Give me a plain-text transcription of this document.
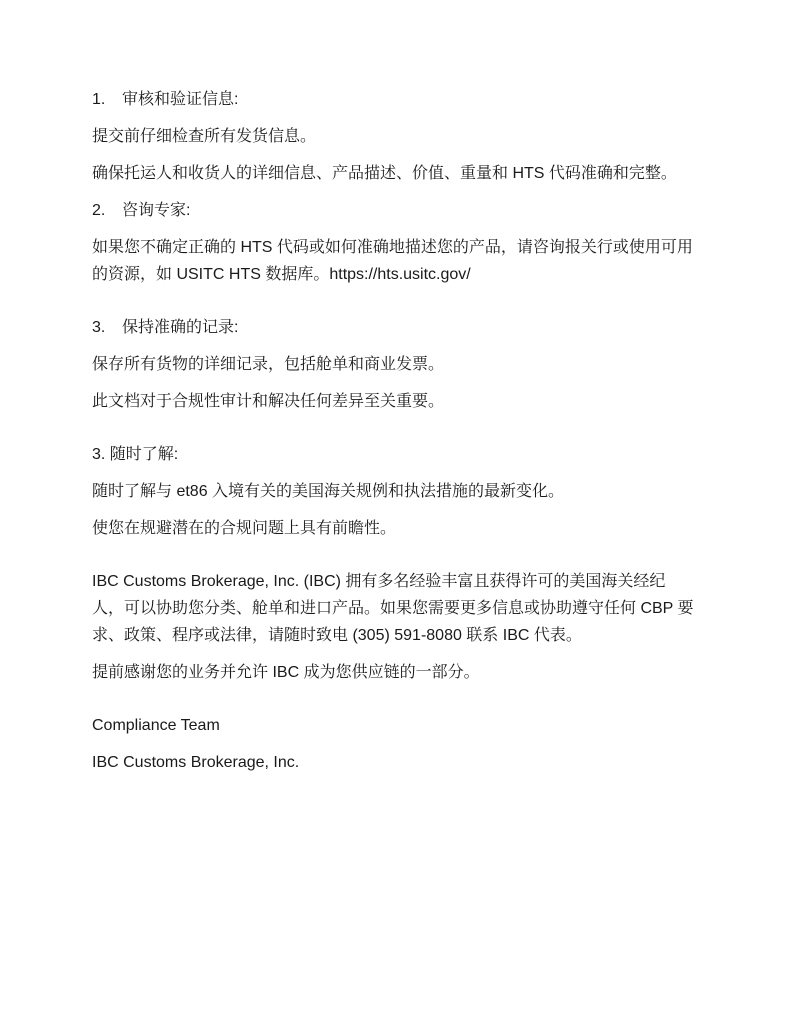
1.	审核和验证信息:

提交前仔细检查所有发货信息。

确保托运人和收货人的详细信息、产品描述、价值、重量和 HTS 代码准确和完整。

2.	咨询专家:

如果您不确定正确的 HTS 代码或如何准确地描述您的产品，请咨询报关行或使用可用的资源，如 USITC HTS 数据库。https://hts.usitc.gov/

3.	保持准确的记录:

保存所有货物的详细记录，包括舱单和商业发票。

此文档对于合规性审计和解决任何差异至关重要。

3. 随时了解:

随时了解与 et86 入境有关的美国海关规例和执法措施的最新变化。

使您在规避潜在的合规问题上具有前瞻性。

IBC Customs Brokerage, Inc. (IBC) 拥有多名经验丰富且获得许可的美国海关经纪人，可以协助您分类、舱单和进口产品。如果您需要更多信息或协助遵守任何 CBP 要求、政策、程序或法律，请随时致电 (305) 591-8080 联系 IBC 代表。

提前感谢您的业务并允许 IBC 成为您供应链的一部分。

Compliance Team

IBC Customs Brokerage, Inc.
